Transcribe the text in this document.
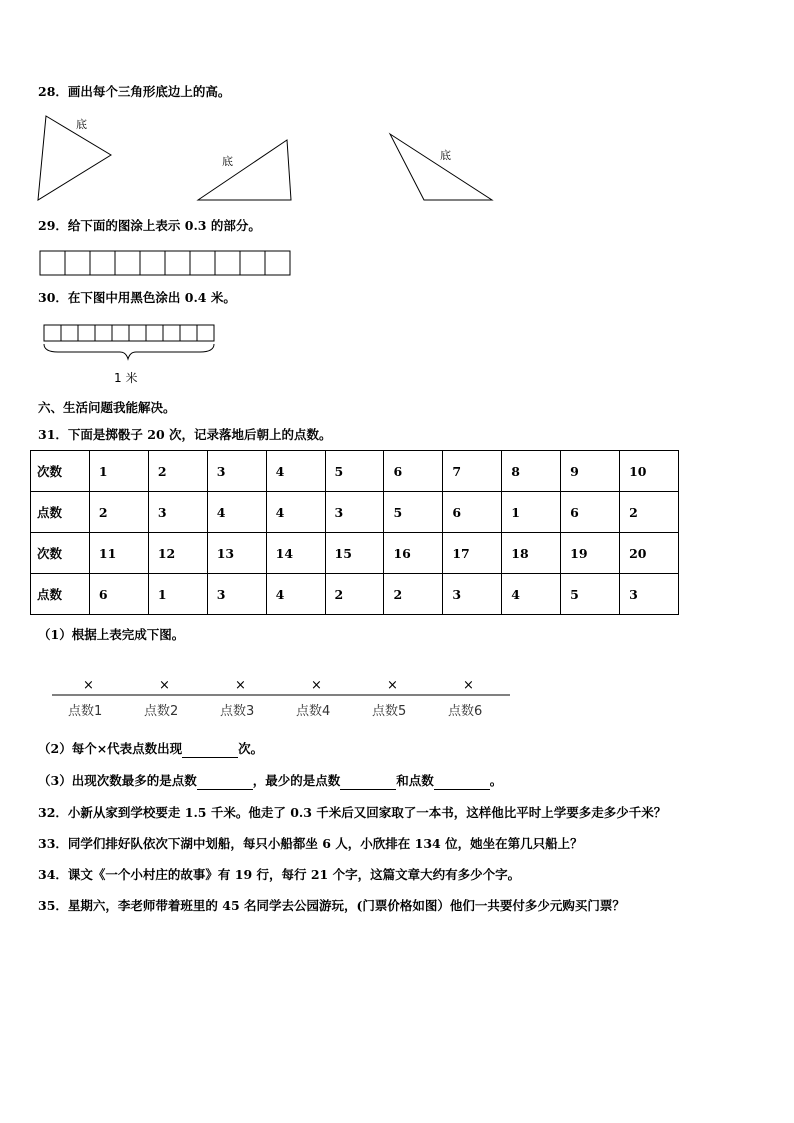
28．画出每个三角形底边上的高。
底
底	底
29．给下面的图涂上表示 0.3 的部分。
30．在下图中用黑色涂出 0.4 米。
1 米
六、生活问题我能解决。
31．下面是掷骰子 20 次，记录落地后朝上的点数。
次数	1	2	3	4	5	6	7	8	9	10
点数	2	3	4	4	3	5	6	1	6	2
次数	11	12	13	14	15	16	17	18	19	20
点数	6	1	3	4	2	2	3	4	5	3
（1）根据上表完成下图。
×
点数1
×
点数2
×
点数3
×
点数4
×
点数5
×
点数6
（2）每个×代表点数出现	次。
（3）出现次数最多的是点数	，最少的是点数	和点数	。
32．小新从家到学校要走 1.5 千米。他走了 0.3 千米后又回家取了一本书，这样他比平时上学要多走多少千米？
33．同学们排好队依次下湖中划船，每只小船都坐 6 人，小欣排在 134 位，她坐在第几只船上？
34．课文《一个小村庄的故事》有 19 行，每行 21 个字，这篇文章大约有多少个字。
35．星期六，李老师带着班里的 45 名同学去公园游玩，(门票价格如图）他们一共要付多少元购买门票？
